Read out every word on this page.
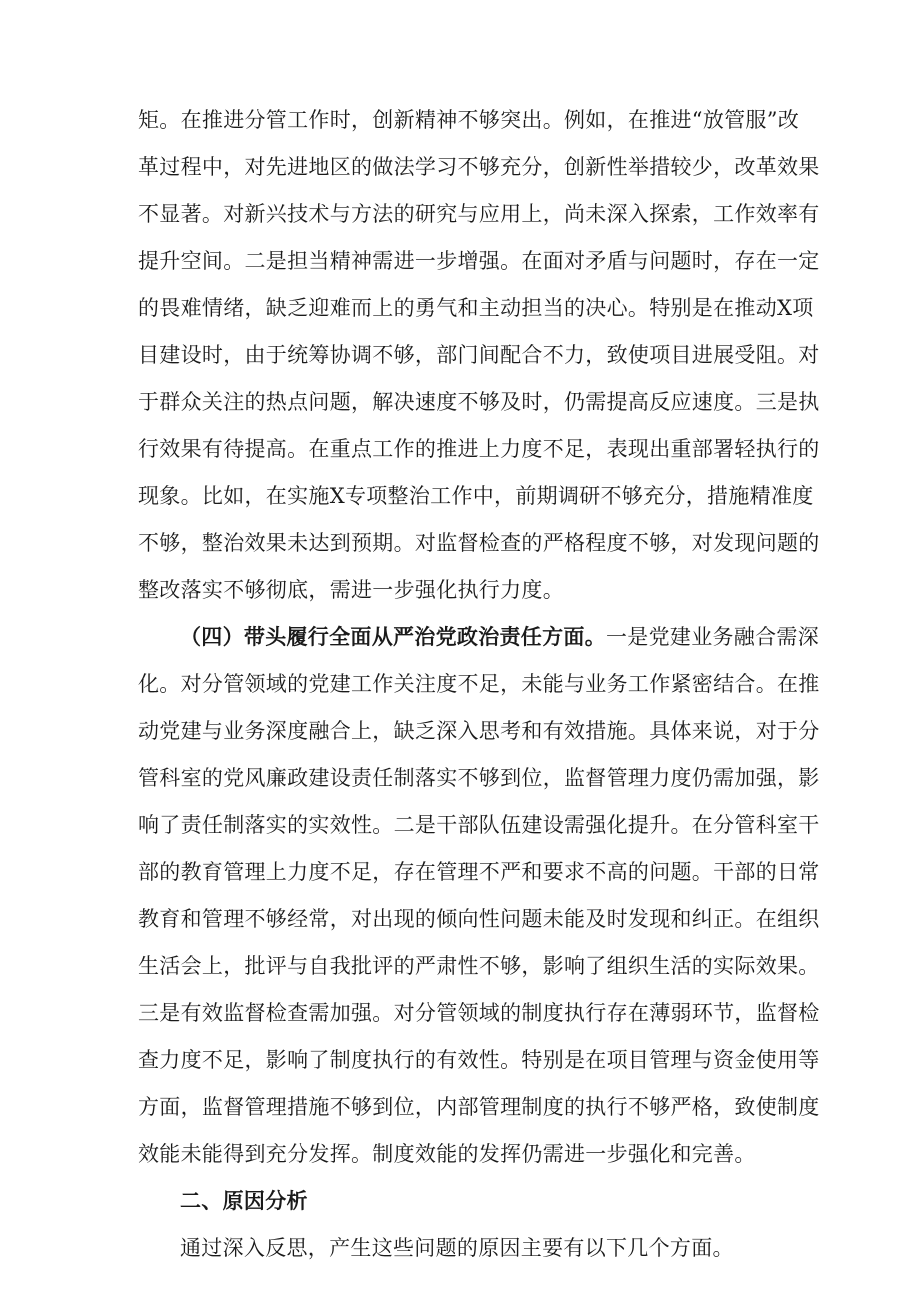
矩。在推进分管工作时，创新精神不够突出。例如，在推进“放管服”改
革过程中，对先进地区的做法学习不够充分，创新性举措较少，改革效果
不显著。对新兴技术与方法的研究与应用上，尚未深入探索，工作效率有
提升空间。二是担当精神需进一步增强。在面对矛盾与问题时，存在一定
的畏难情绪，缺乏迎难而上的勇气和主动担当的决心。特别是在推动X项
目建设时，由于统筹协调不够，部门间配合不力，致使项目进展受阻。对
于群众关注的热点问题，解决速度不够及时，仍需提高反应速度。三是执
行效果有待提高。在重点工作的推进上力度不足，表现出重部署轻执行的
现象。比如，在实施X专项整治工作中，前期调研不够充分，措施精准度
不够，整治效果未达到预期。对监督检查的严格程度不够，对发现问题的
整改落实不够彻底，需进一步强化执行力度。
（四）带头履行全面从严治党政治责任方面。 一是党建业务融合需深
化。对分管领域的党建工作关注度不足，未能与业务工作紧密结合。在推
动党建与业务深度融合上，缺乏深入思考和有效措施。具体来说，对于分
管科室的党风廉政建设责任制落实不够到位，监督管理力度仍需加强，影
响了责任制落实的实效性。二是干部队伍建设需强化提升。在分管科室干
部的教育管理上力度不足，存在管理不严和要求不高的问题。干部的日常
教育和管理不够经常，对出现的倾向性问题未能及时发现和纠正。在组织
生活会上，批评与自我批评的严肃性不够，影响了组织生活的实际效果。
三是有效监督检查需加强。对分管领域的制度执行存在薄弱环节，监督检
查力度不足，影响了制度执行的有效性。特别是在项目管理与资金使用等
方面，监督管理措施不够到位，内部管理制度的执行不够严格，致使制度
效能未能得到充分发挥。制度效能的发挥仍需进一步强化和完善。
二、原因分析
通过深入反思，产生这些问题的原因主要有以下几个方面。
